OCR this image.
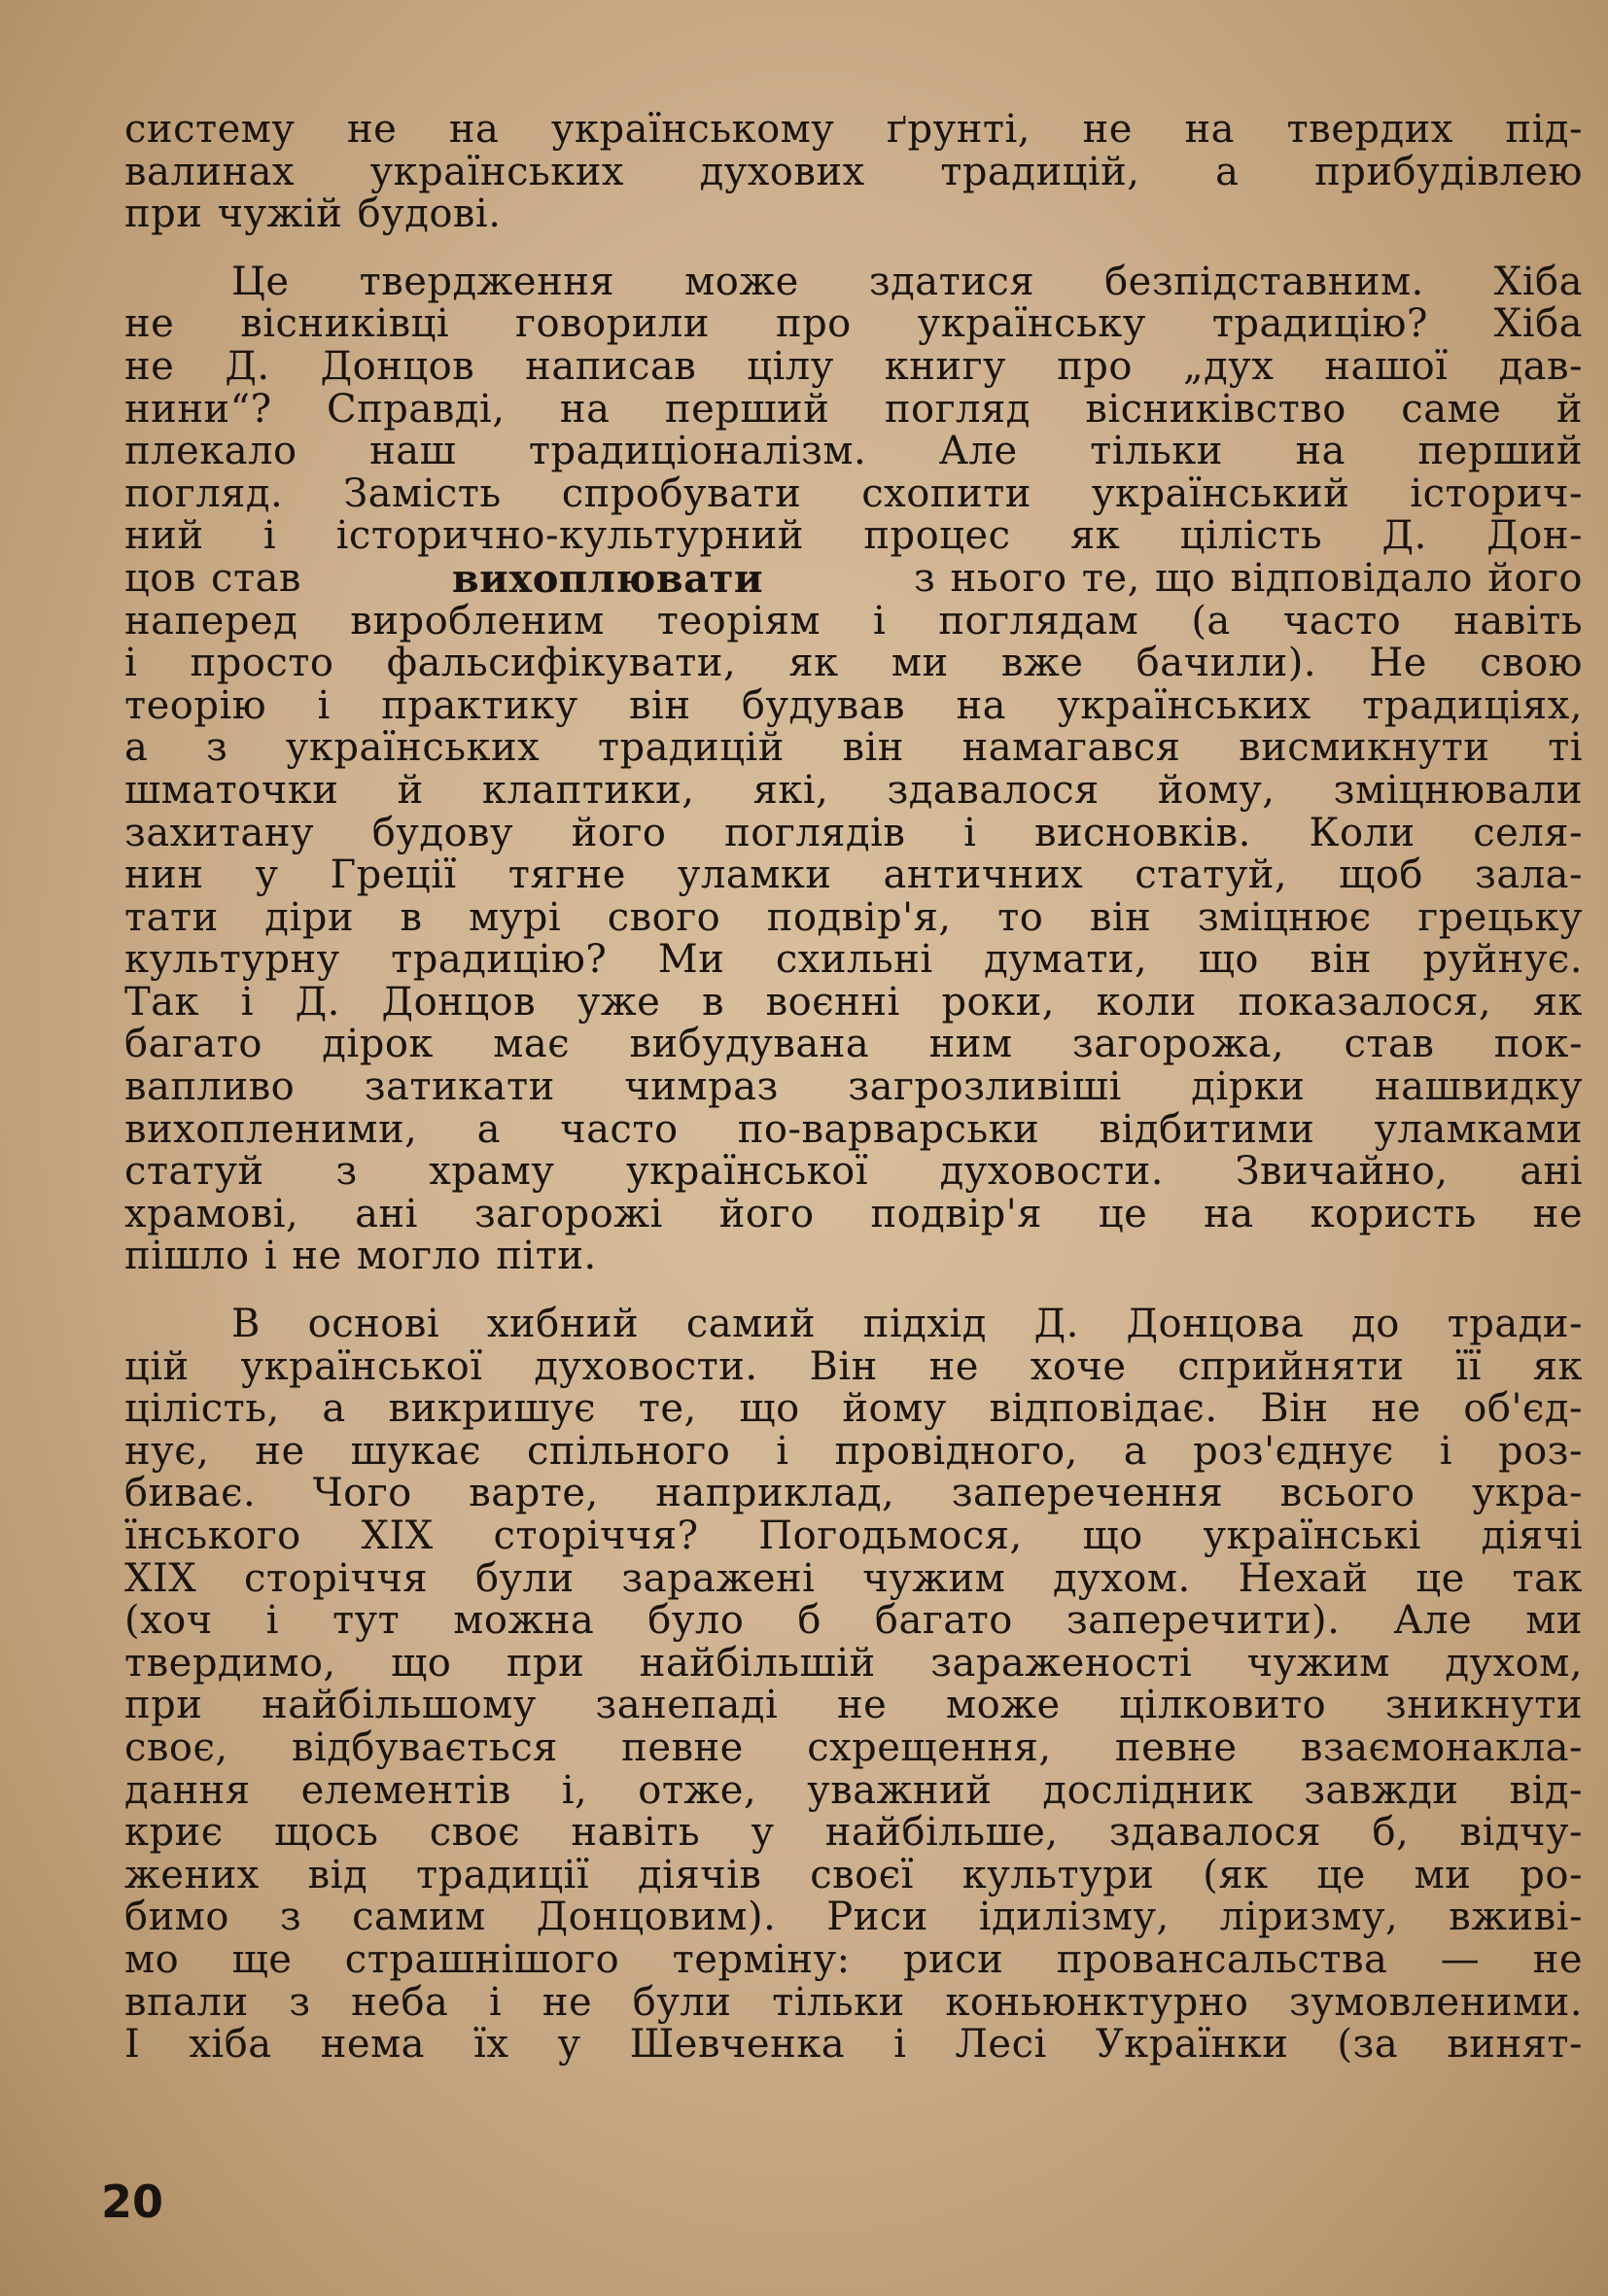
систему не на українському ґрунті, не на твердих під-
валинах українських духових традицій, а прибудівлею
при чужій будові.

Це твердження може здатися безпідставним. Хіба
не вісниківці говорили про українську традицію? Хіба
не Д. Донцов написав цілу книгу про „дух нашої дав-
нини“? Справді, на перший погляд вісниківство саме й
плекало наш традиціоналізм. Але тільки на перший
погляд. Замість спробувати схопити український історич-
ний і історично-культурний процес як цілість Д. Дон-
цов став	вихоплювати	з нього те, що відповідало його
напеpед виробленим теоріям і поглядам (а часто навіть
і просто фальсифікувати, як ми вже бачили). Не свою
теорію і практику він будував на українських традиціях,
а з українських традицій він намагався висмикнути ті
шматочки й клаптики, які, здавалося йому, зміцнювали
захитану будову його поглядів і висновків. Коли селя-
нин у Греції тягне уламки античних статуй, щоб зала-
тати діри в мурі свого подвір'я, то він зміцнює грецьку
культурну традицію? Ми схильні думати, що він руйнує.
Так і Д. Донцов уже в воєнні роки, коли показалося, як
багато дірок має вибудувана ним загорожа, став пок-
вапливо затикати чимраз загрозливіші дірки нашвидку
вихопленими, а часто по-варварськи відбитими уламками
статуй з храму української духовости. Звичайно, ані
храмові, ані загорожі його подвір'я це на користь не
пішло і не могло піти.

В основі хибний самий підхід Д. Донцова до тради-
цій української духовости. Він не хоче сприйняти її як
цілість, а викришує те, що йому відповідає. Він не об'єд-
нує, не шукає спільного і провідного, а роз'єднує і роз-
биває. Чого варте, наприклад, заперечення всього укра-
їнського XIX сторіччя? Погодьмося, що українські діячі
XIX сторіччя були заражені чужим духом. Нехай це так
(хоч і тут можна було б багато заперечити). Але ми
твердимо, що при найбільшій зараженості чужим духом,
при найбільшому занепаді не може цілковито зникнути
своє, відбувається певне схрещення, певне взаємонакла-
дання елементів і, отже, уважний дослідник завжди від-
криє щось своє навіть у найбільше, здавалося б, відчу-
жених від традиції діячів своєї культури (як це ми ро-
бимо з самим Донцовим). Риси ідилізму, ліризму, вживі-
мо ще страшнішого терміну: риси провансальства — не
впали з неба і не були тільки коньюнктурно зумовленими.
І хіба нема їх у Шевченка і Лесі Українки (за винят-

20
